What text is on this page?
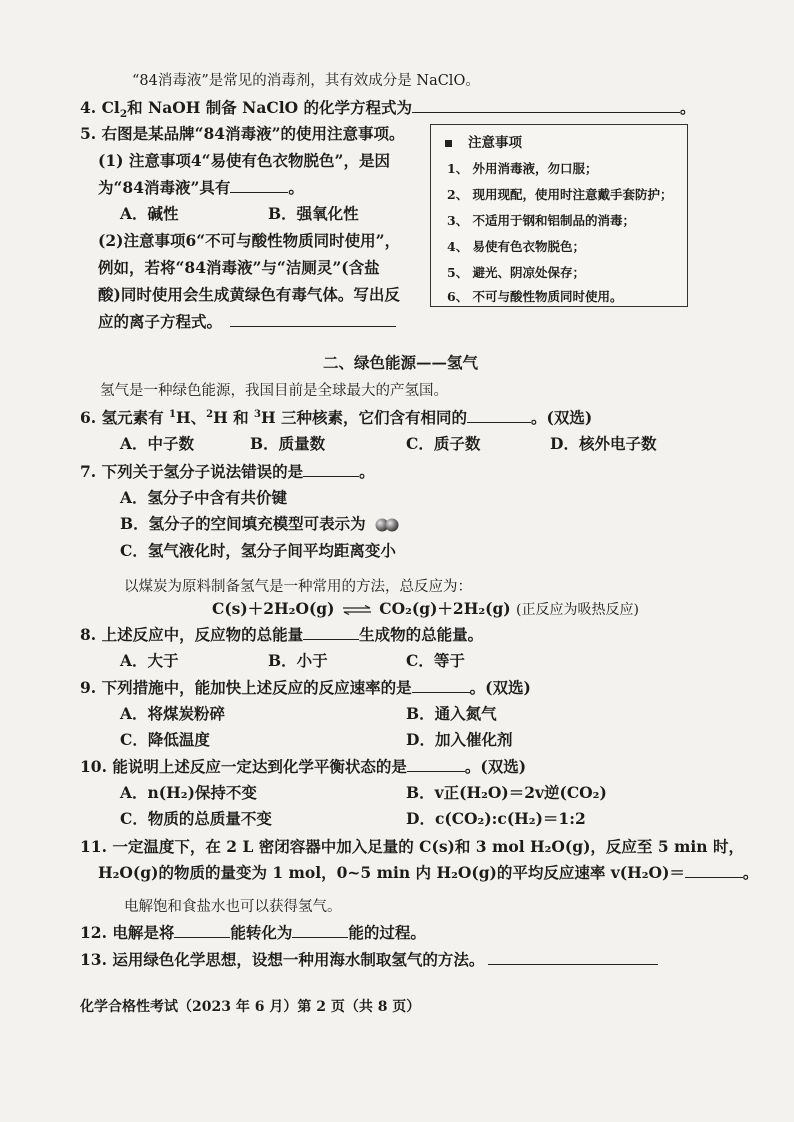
“84消毒液”是常见的消毒剂，其有效成分是 NaClO。
4. $Cl_2$和 NaOH 制备 NaClO 的化学方程式为	。
5. 右图是某品牌“84消毒液”的使用注意事项。
(1) 注意事项4“易使有色衣物脱色”，是因
为“84消毒液”具有	。
A．碱性	B．强氧化性
(2)注意事项6“不可与酸性物质同时使用”，
例如，若将“84消毒液”与“洁厕灵”(含盐
酸)同时使用会生成黄绿色有毒气体。写出反
应的离子方程式。
注意事项
1、 外用消毒液，勿口服；
2、 现用现配，使用时注意戴手套防护；
3、 不适用于钢和铝制品的消毒；
4、 易使有色衣物脱色；
5、 避光、阴凉处保存；
6、 不可与酸性物质同时使用。
二、绿色能源——氢气
氢气是一种绿色能源，我国目前是全球最大的产氢国。
6. 氢元素有 $^1$H、$^2$H 和 $^3$H 三种核素，它们含有相同的	。(双选)
A．中子数	B．质量数	C．质子数	D．核外电子数
7. 下列关于氢分子说法错误的是	。
A．氢分子中含有共价键
B．氢分子的空间填充模型可表示为
C．氢气液化时，氢分子间平均距离变小
以煤炭为原料制备氢气是一种常用的方法，总反应为：
C(s)＋2H₂O(g) ⇌ CO₂(g)＋2H₂(g) (正反应为吸热反应)
8. 上述反应中，反应物的总能量	生成物的总能量。
A．大于	B．小于	C．等于
9. 下列措施中，能加快上述反应的反应速率的是	。(双选)
A．将煤炭粉碎	B．通入氮气
C．降低温度	D．加入催化剂
10. 能说明上述反应一定达到化学平衡状态的是	。(双选)
A．n(H₂)保持不变	B．v正(H₂O)＝2v逆(CO₂)
C．物质的总质量不变	D．c(CO₂):c(H₂)＝1:2
11. 一定温度下，在 2 L 密闭容器中加入足量的 C(s)和 3 mol H₂O(g)，反应至 5 min 时，
H₂O(g)的物质的量变为 1 mol，0~5 min 内 H₂O(g)的平均反应速率 v(H₂O)＝	。
电解饱和食盐水也可以获得氢气。
12. 电解是将	能转化为	能的过程。
13. 运用绿色化学思想，设想一种用海水制取氢气的方法。
化学合格性考试（2023 年 6 月）第 2 页（共 8 页）
